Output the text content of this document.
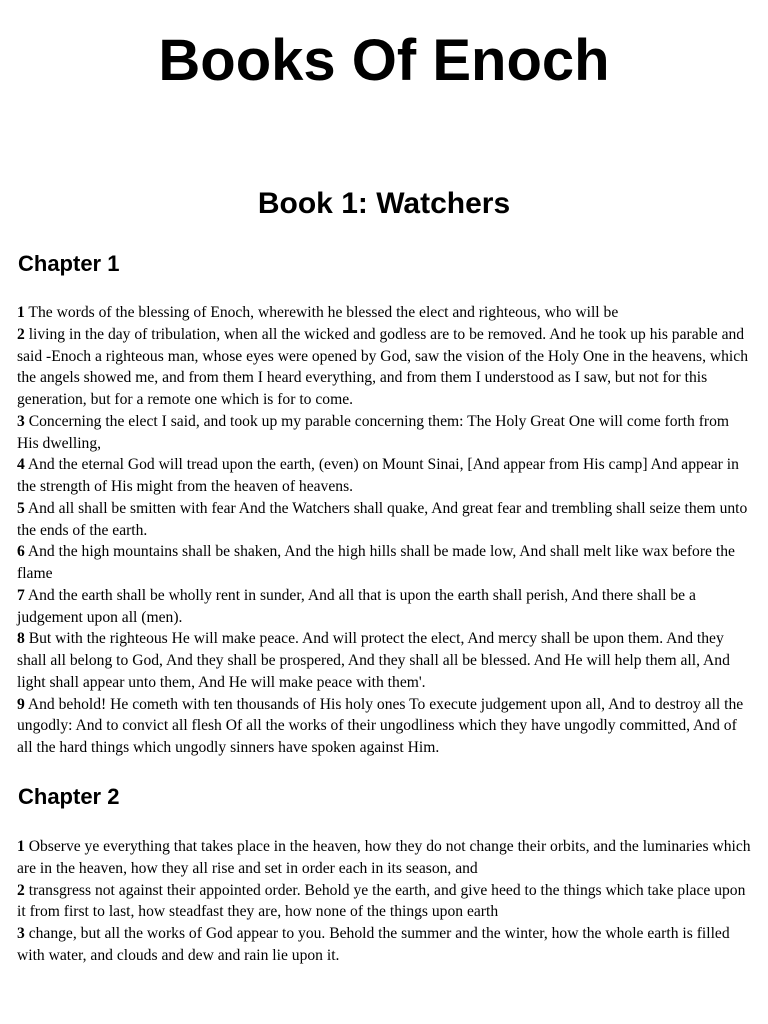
Books Of Enoch
Book 1: Watchers
Chapter 1

1 The words of the blessing of Enoch, wherewith he blessed the elect and righteous, who will be

2 living in the day of tribulation, when all the wicked and godless are to be removed. And he took up his parable and said -Enoch a righteous man, whose eyes were opened by God, saw the vision of the Holy One in the heavens, which the angels showed me, and from them I heard everything, and from them I understood as I saw, but not for this generation, but for a remote one which is for to come.

3 Concerning the elect I said, and took up my parable concerning them: The Holy Great One will come forth from His dwelling,

4 And the eternal God will tread upon the earth, (even) on Mount Sinai, [And appear from His camp] And appear in the strength of His might from the heaven of heavens.

5 And all shall be smitten with fear And the Watchers shall quake, And great fear and trembling shall seize them unto the ends of the earth.

6 And the high mountains shall be shaken, And the high hills shall be made low, And shall melt like wax before the flame

7 And the earth shall be wholly rent in sunder, And all that is upon the earth shall perish, And there shall be a judgement upon all (men).

8 But with the righteous He will make peace. And will protect the elect, And mercy shall be upon them. And they shall all belong to God, And they shall be prospered, And they shall all be blessed. And He will help them all, And light shall appear unto them, And He will make peace with them'.

9 And behold! He cometh with ten thousands of His holy ones To execute judgement upon all, And to destroy all the ungodly: And to convict all flesh Of all the works of their ungodliness which they have ungodly committed, And of all the hard things which ungodly sinners have spoken against Him.

Chapter 2

1 Observe ye everything that takes place in the heaven, how they do not change their orbits, and the luminaries which are in the heaven, how they all rise and set in order each in its season, and

2 transgress not against their appointed order. Behold ye the earth, and give heed to the things which take place upon it from first to last, how steadfast they are, how none of the things upon earth

3 change, but all the works of God appear to you. Behold the summer and the winter, how the whole earth is filled with water, and clouds and dew and rain lie upon it.
